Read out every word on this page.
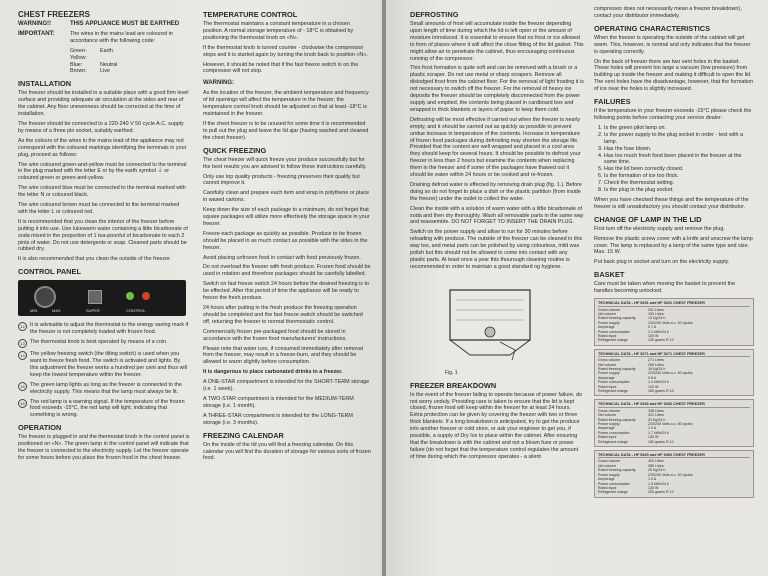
CHEST FREEZERS
WARNING!!	THIS APPLIANCE MUST BE EARTHED
IMPORTANT:	The wires in the mains lead are coloured in accordance with the following code:
Green-Yellow:
Earth
Blue:	Neutral
Brown:	Live
INSTALLATION

The freezer should be installed in a suitable place with a good firm level surface and providing adequate air circulation at the sides and rear of the cabinet. Any floor unevenness should be corrected at the time of installation.

The freezer should be connected to a 220-240 V 50 cycle A.C. supply by means of a three pin socket, suitably earthed.

As the colours of the wires in the mains lead of the appliance may not correspond with the coloured markings identifying the terminals in your plug, proceed as follows:

The wire coloured green-and-yellow must be connected to the terminal in the plug marked with the letter E or by the earth symbol ⏚ or coloured green or green-and-yellow.

The wire coloured blue must be connected to the terminal marked with the letter N or coloured black.

The wire coloured brown must be connected to the terminal marked with the letter L or coloured red.

It is recommended that you clean the interior of the freezer before putting it into use. Use lukewarm water containing a little bicarbonate of soda mixed in the proportion of 1 tea-poonful of bicarbonate to each 2 pints of water. Do not use detergents or soap. Cleaned parts should be rubbed dry.

It is also recommended that you clean the outside of the freezer.

CONTROL PANEL
MIN	MAX	SUPER	CONTROL
12 It is advisable to adjust the thermostat to the energy saving mark if the freezer is not completely loaded with frozen food.
13 The thermostat knob is best operated by means of a coin.
14 The yellow freezing switch (the tilting switch) is used when you want to freeze fresh food. The switch is activated and lights. By this adjustment the freezer works a hundred per cent and thus will keep the lowest temperature within the freezer.
15 The green lamp lights as long as the freezer is connected to the electricity supply. This means that the lamp must always be lit.
16 The red lamp is a warning signal. If the temperature of the frozen food exceeds -15°C, the red lamp will light, indicating that something is wrong.
OPERATION

The freezer is plugged in and the thermostat knob in the control panel is positioned on «N». The green lamp in the control panel will indicate that the freezer is connected to the electricity supply. Let the freezer operate for some hours before you place the frozen food in the chest freezer.

TEMPERATURE CONTROL

The thermostat maintains a constant temperature in a chosen position. A normal storage temperature of - 18°C is obtained by positioning the thermostat knob on «N».

If the thermostat knob is turned counter - clockwise the compressor stops and it is started again by turning the knob back to position «N».

However, it should be noted that if the fast freeze switch is on the compressor will not stop.

WARNING:

As the location of the freezer, the ambient temperature and frequency of lid openings will affect the temperature in the freezer, the temperature control knob should be adjusted so that at least -18°C is maintained in the freezer.

If the chest freezer is to be unused for some time it is recommended to pull out the plug and leave the lid ajar (having washed and cleaned the chest freezer).

QUICK FREEZING

The chest freezer will quick freeze your produce successfully but for the best results you are advised to follow these instructions carefully.

Only use top quality products - freezing preserves their quality but cannot improve it.

Carefully clean and prepare each item and wrap in polythene or place in waxed cartons.

Keep down the size of each package to a minimum, do not forget that square packages will utilize more effectively the storage space in your freezer.

Freeze each package as quickly as possible. Produce to be frozen should be placed in as much contact as possible with the sides in the freezer.

Avoid placing unfrozen food in contact with food previously frozen.

Do not overload the freezer with fresh produce. Frozen food should be used in rotation and therefore packages should be carefully labelled.

Switch on fast freeze switch 24 hours before the desired freezing is to be effected. After this period of time the appliance will be ready to freeze the fresh produce.

24 hours after putting in the fresh produce the freezing operation should be completed and the fast freeze switch should be switched off, returning the freezer to normal thermostatic control.

Commercially frozen pre-packaged food should be stored in accordance with the frozen food manufacturers' instructions.

Please note that water ices, if consumed immediately after removal from the freezer, may result in a freeze-burn, and they should be allowed to warm slightly before consumption.

It is dangerous to place carbonated drinks in a freezer.

A ONE-STAR compartment is intended for the SHORT-TERM storage (i.e. 1 week).

A TWO-STAR compartment is intended for the MEDIUM-TERM storage (i.e. 1 month).

A THREE-STAR compartment is intended for the LONG-TERM storage (i.e. 3 months).

FREEZING CALENDAR

On the inside of the lid you will find a freezing calendar. On this calendar you will find the duration of storage for various sorts of frozen food.

DEFROSTING

Small amounts of frost will accumulate inside the freezer depending upon length of time during which the lid is left open or the amount of moisture introduced. It is essential to ensure that no frost or ice allowed to form of places where it will affect the close fitting of the lid gasket. This might allow air to penetrate the cabinet, thus encouraging continuous running of the compressor.

Thin frost formation is quite soft and can be removed with a brush or a plastic scraper. Do not use metal or sharp scrapers. Remove all dislodged frost from the cabinet floor. For the removal of light frosting it is not necessary to switch off the freezer. For the removal of heavy ice deposits the freezer should be completely disconnected from the power supply and emptied, the contents being placed in cardboard box and wrapped in thick blankets or layers of paper to keep them cold.

Defrosting will be most effective if carried out when the freezer is nearly empty, and it should be carried out as quickly as possible to prevent undue increase in temperature of the contents. Increase in temperature of frozen food packages during defrosting may shorten the storage life. Provided that the content are well wrapped and placed in a cool area they should keep for several hours. It should be possible to defrost your freezer in less than 2 hours but examine the contents when replacing them in the freezer and if some of the packages have thawed out it should be eaten within 24 hours or be cooked and re-frozen.

Draining defrost water is effected by removing drain plug (fig. 1.). Before doing so do not forget to place a dish or the plastic partition (from inside the freezer) under the outlet to collect the water.

Clean the inside with a solution of warm water with a little bicarbonate of soda and then dry thoroughly. Wash all removable parts in the same way and reassemble. DO NOT FORGET TO INSERT THE DRAIN PLUG.

Switch on the power supply and allow to run for 30 minutes before reloading with produce. The outside of the freezer can be cleaned in this way too, and metal parts can be polished by using colourless, mild wax polish but this should not be allowed to come into contact with any plastic parts. At least once a year this thourough cleaning routine is recommended in order to maintain a good standard og hygiene.

Fig. 1
FREEZER BREAKDOWN

In the event of the freezer failing to operate because of power failure, do not worry unduly. Providing care is taken to ensure that the lid is kept closed, frozen food will keep within the freezer for at least 24 hours. Extra protection can be given by covering the freezer with two or three thick blankets. If a long breakdown is anticipated, try to get the produce into another freezer or cold store, or ask your engineer to get you, if possible, a supply of Dry Ice to place within the cabinet. After ensuring that the breakdown is with the cabinet and not a blown fuse or power failure (do not forget that the temperature control regulates the amount of time during which the compressor operates - a silent

compressor does not necessarily mean a freezer breakdown), contact your distributor immediately.

OPERATING CHARACTERISTICS

When the freezer is operating the outside of the cabinet will get warm. This, however, is normal and only indicates that the freezer is operating correctly.

On the back of freezer there are two vent holes in the basket. These holes will prevent too large a vacuum (low pressure) from building up inside the freezer and making it difficult to open the lid. The vent holes have the disadvantage, however, that the formation of ice near the holes is slightly increased.

FAILURES

If the temperature in your freezer exceeds -15°C please check the following points before contacting your service dealer:

1. Is the green pilot lamp on.
2. Is the power supply to the plug socket in order - test with a lamp.
3. Has the fuse blown.
4. Has too much fresh food been placed in the freezer at the same time.
5. Has the lid been correctly closed.
6. Is the formation of ice too thick.
7. Check the thermostat setting.
8. Is the plug in the plug socket.

When you have checked these things and the temperature of the freezer is still unsatisfactory you should contact your distributor.

CHANGE OF LAMP IN THE LID

First turn off the electricity supply and remove the plug.

Remove the plastic screw cover with a knife and unscrew the lamp cover. The lamp is replaced by a lamp of the same type and size. Max. 15 W.

Put back plug in socket and turn on the electricity supply.

BASKET

Care must be taken when moving the basket to prevent the handles becoming unlocked.

TECHNICAL DATA - HF 5201 and HF 5201 CHEST FREEZER
Gross volume	201 Litres
Net volume	190 Litres
Rated freezing capacity	13 Kg/24 h
Power supply	220/240 Volts a.c. 50 cycles
Amperage	0.7 A
Power consumption	1.1 kWh/24 h
Rated input	105 W
Refrigerant charge	130 grams R 12
TECHNICAL DATA - HF 5271 and HF 5271 CHEST FREEZER
Gross volume	271 Litres
Net volume	260 Litres
Rated freezing capacity	18 Kg/24 h
Power supply	220/240 Volts a.c. 50 cycles
Amperage	0.8 A
Power consumption	1.4 kWh/24 h
Rated input	120 W
Refrigerant charge	160 grams R 12
TECHNICAL DATA - HF 5336 and HF 5336 CHEST FREEZER
Gross volume	336 Litres
Net volume	322 Litres
Rated freezing capacity	23 Kg/24 h
Power supply	220/240 Volts a.c. 50 cycles
Amperage	1.0 A
Power consumption	1.7 kWh/24 h
Rated input	130 W
Refrigerant charge	180 grams R 12
TECHNICAL DATA - HF 5400 and HF 5400 CHEST FREEZER
Gross volume	400 Litres
Net volume	385 Litres
Rated freezing capacity	26 Kg/24 h
Power supply	220/240 Volts a.c. 50 cycles
Amperage	1.0 A
Power consumption	1.9 kWh/24 h
Rated input	135 W
Refrigerant charge	200 grams R 12
